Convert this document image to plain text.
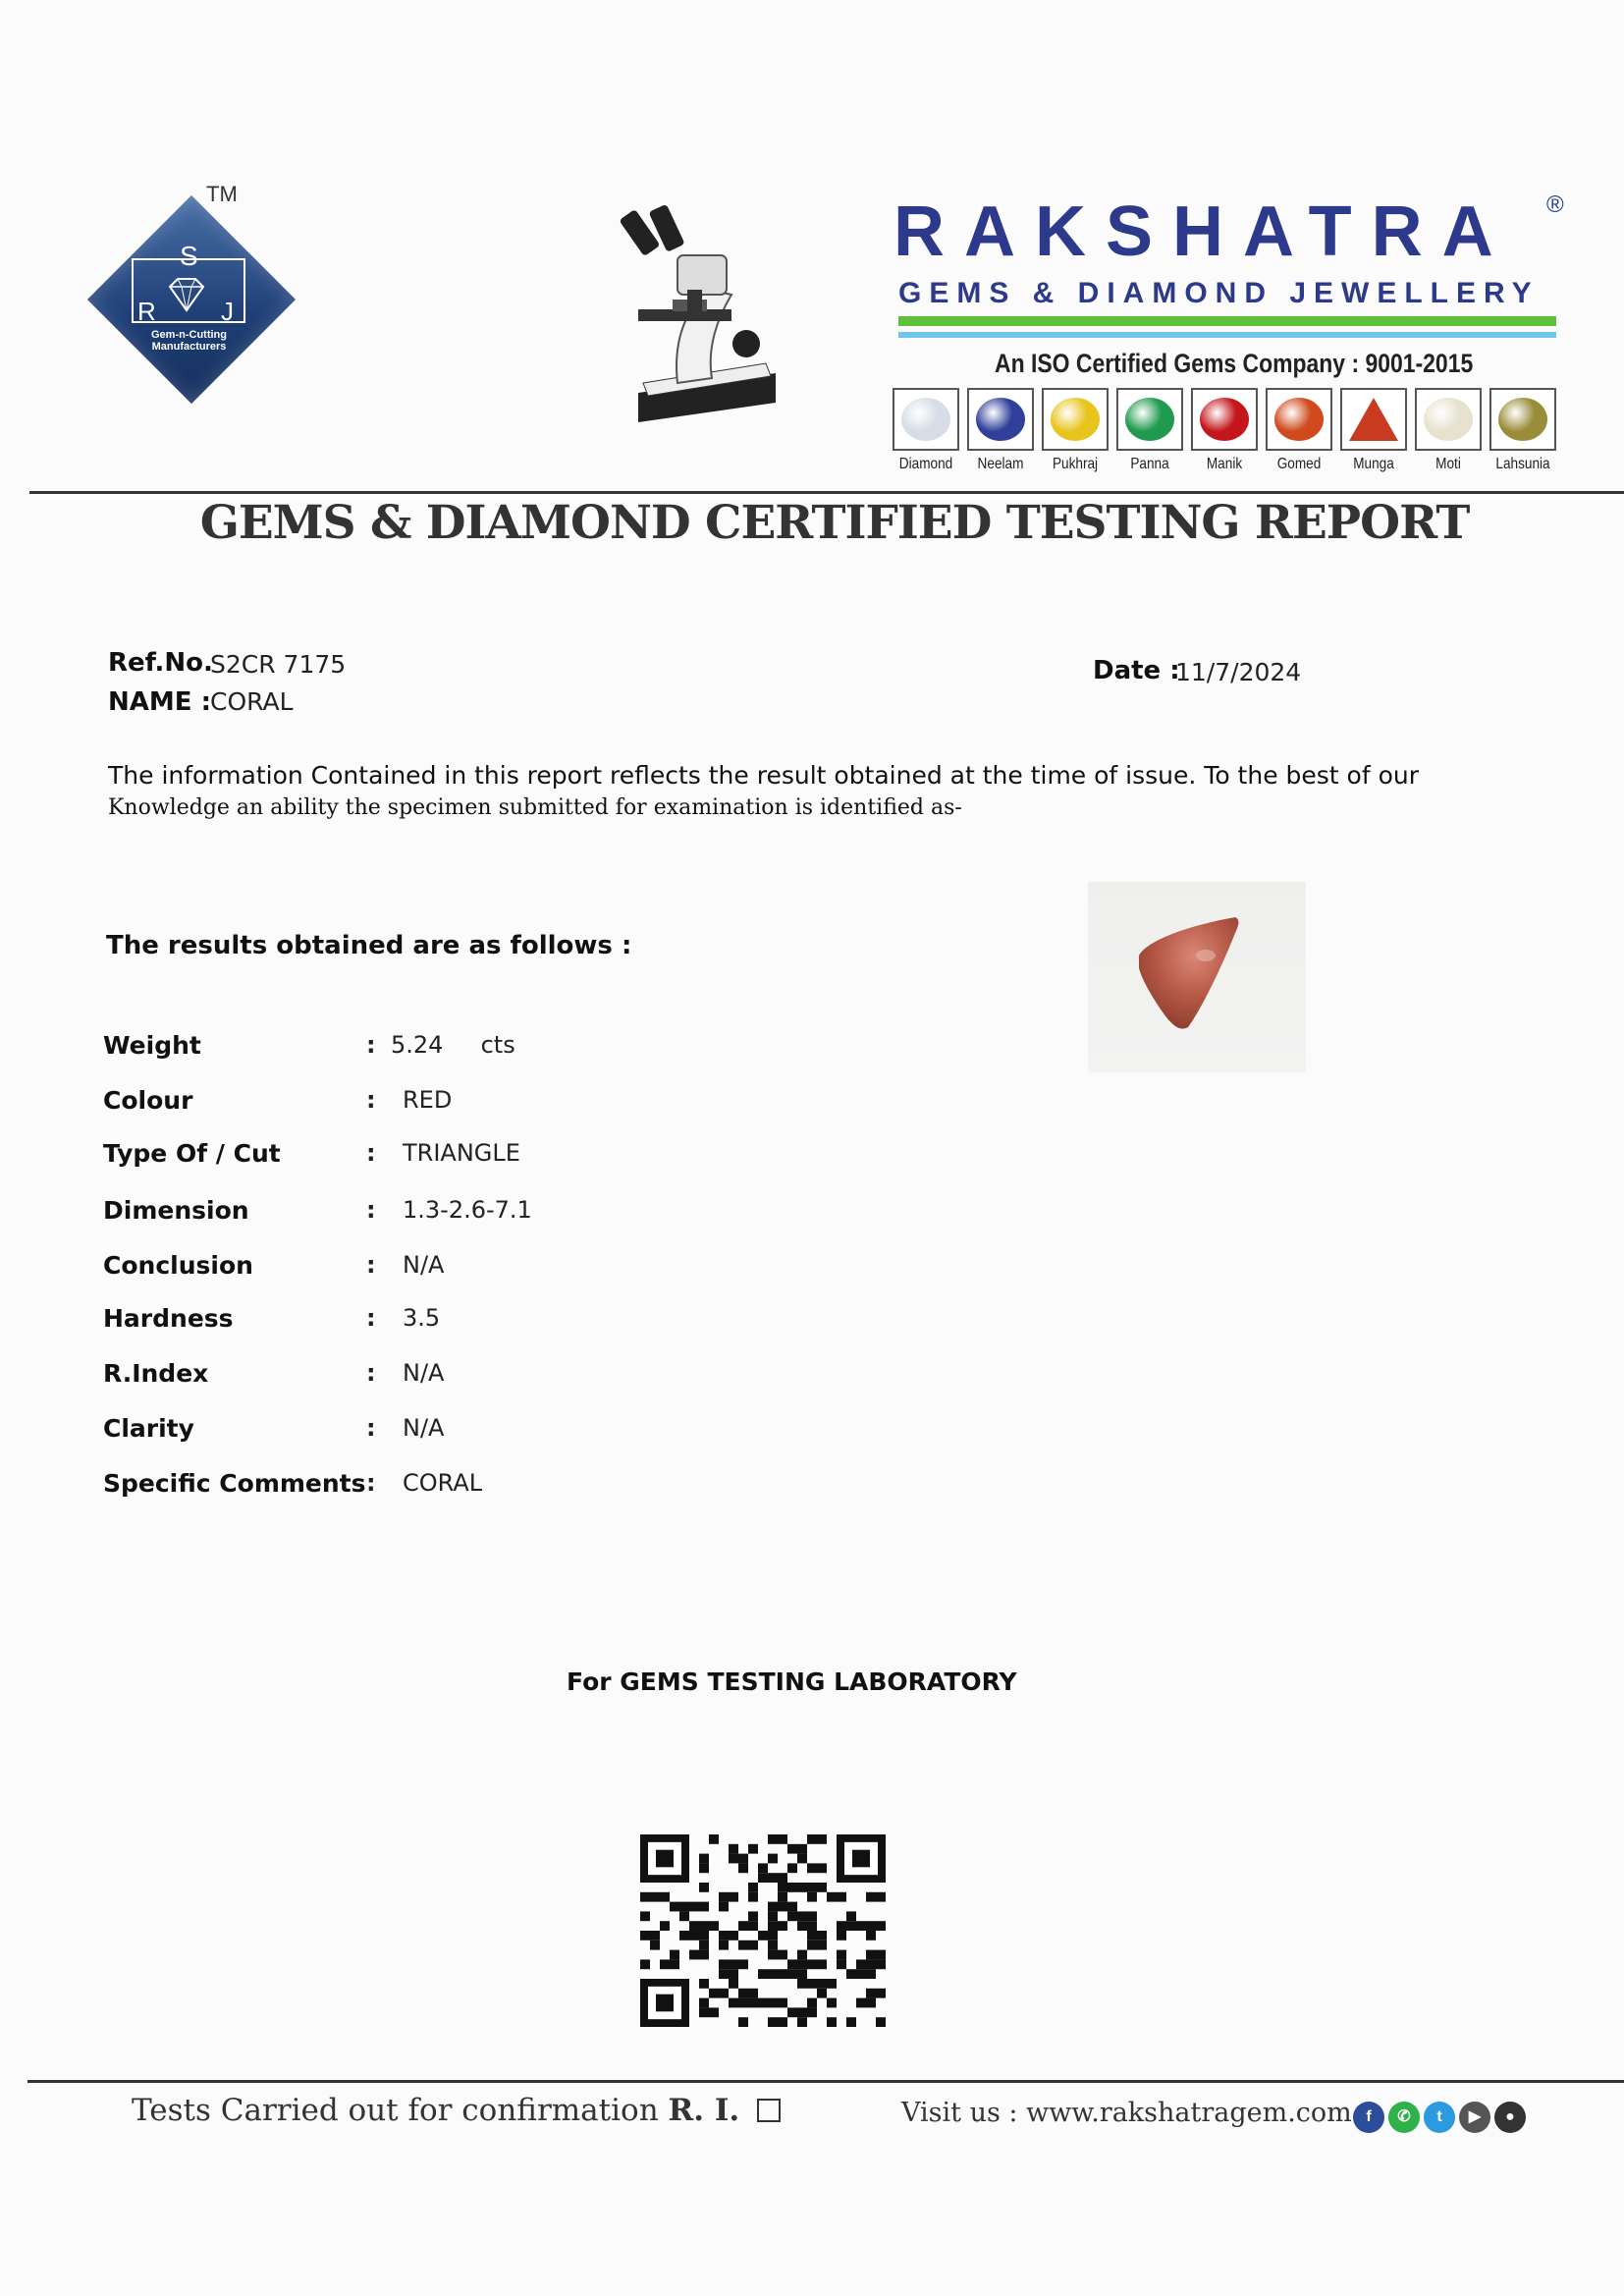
TM
S
R	J
Gem-n-Cutting
Manufacturers
RAKSHATRA ®
GEMS & DIAMOND JEWELLERY
An ISO Certified Gems Company : 9001-2015
Diamond	Neelam	Pukhraj	Panna	Manik	Gomed	Munga	Moti	Lahsunia
GEMS & DIAMOND CERTIFIED TESTING REPORT
Ref.No.
S2CR 7175
NAME : CORAL
Date :
11/7/2024
The information Contained in this report reflects the result obtained at the time of issue. To the best of our
Knowledge an ability the specimen submitted for examination is identified as-
The results obtained are as follows :
Weight	: 5.24     cts
Colour	: RED
Type Of / Cut	: TRIANGLE
Dimension	: 1.3-2.6-7.1
Conclusion	: N/A
Hardness	: 3.5
R.Index	: N/A
Clarity	: N/A
Specific Comments : CORAL
For GEMS TESTING LABORATORY
Tests Carried out for confirmation R. I.	Visit us : www.rakshatragem.com f	✆	t	▶	●
